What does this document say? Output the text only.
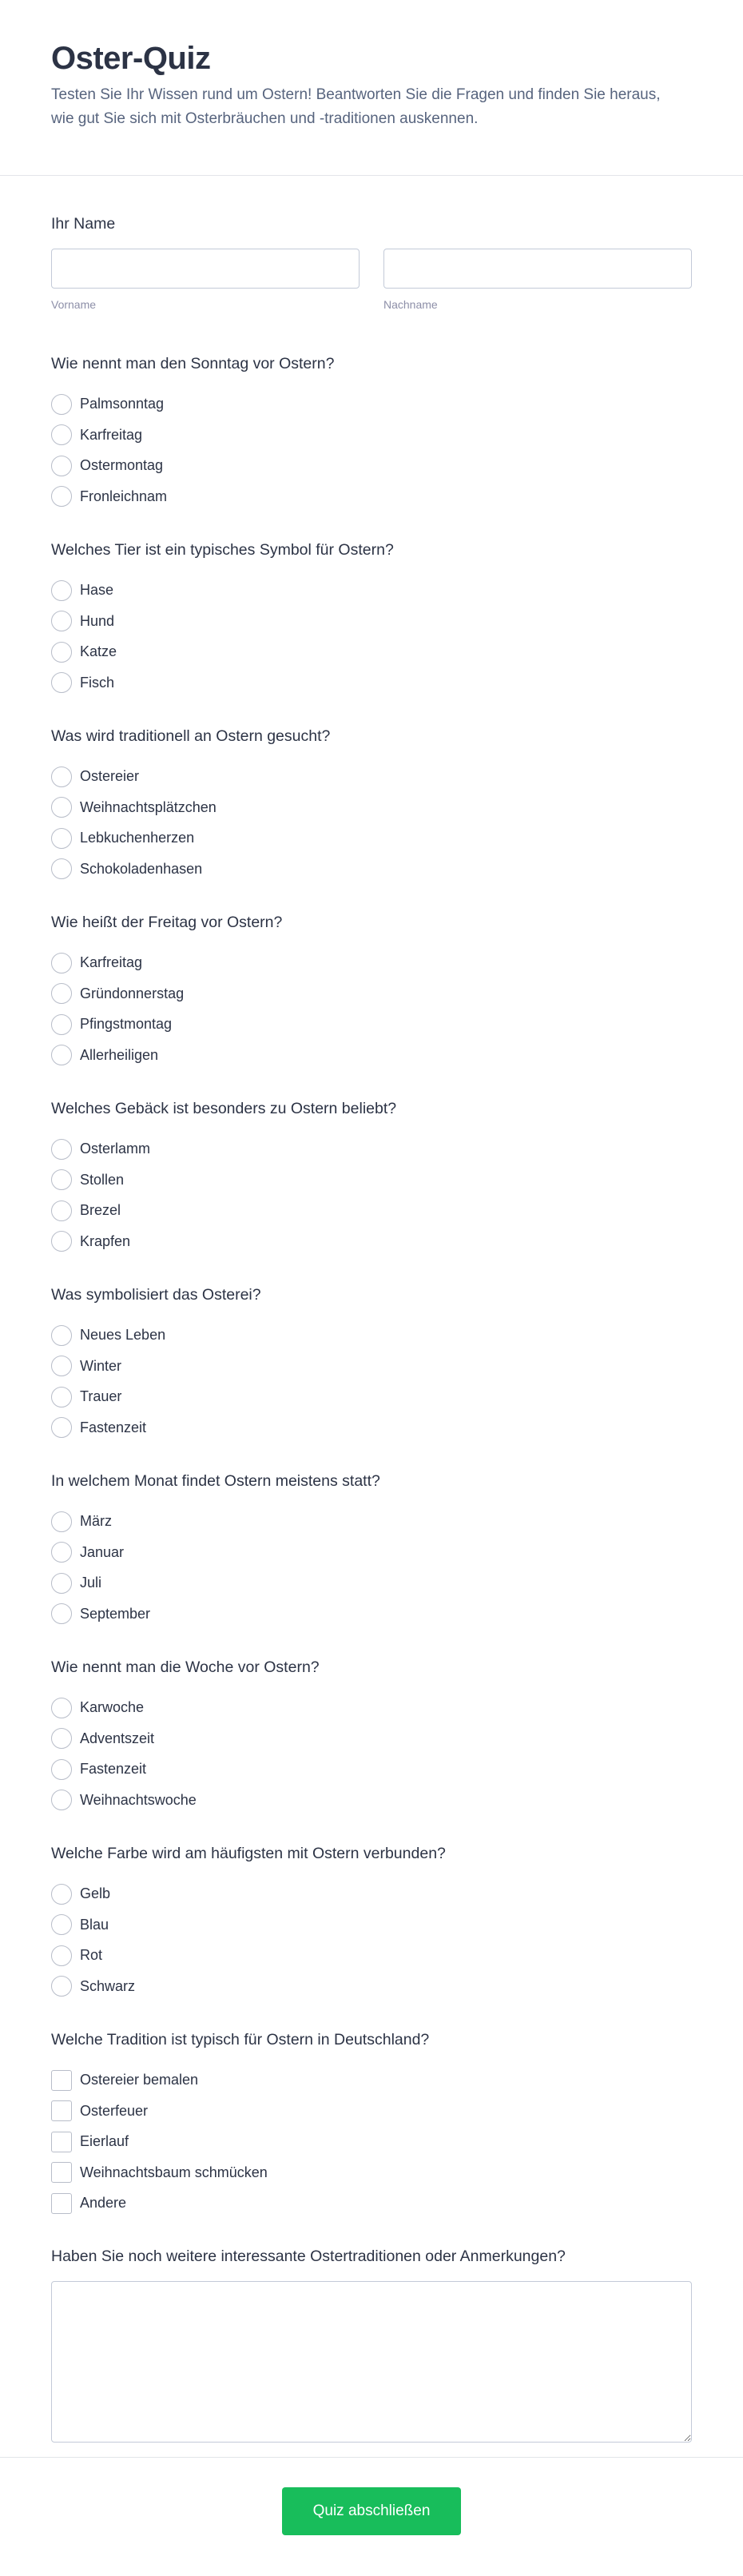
Oster-Quiz

Testen Sie Ihr Wissen rund um Ostern! Beantworten Sie die Fragen und finden Sie heraus, wie gut Sie sich mit Osterbräuchen und -traditionen auskennen.

Ihr Name
Vorname	Nachname
Wie nennt man den Sonntag vor Ostern?
Palmsonntag
Karfreitag
Ostermontag
Fronleichnam
Welches Tier ist ein typisches Symbol für Ostern?
Hase
Hund
Katze
Fisch
Was wird traditionell an Ostern gesucht?
Ostereier
Weihnachtsplätzchen
Lebkuchenherzen
Schokoladenhasen
Wie heißt der Freitag vor Ostern?
Karfreitag
Gründonnerstag
Pfingstmontag
Allerheiligen
Welches Gebäck ist besonders zu Ostern beliebt?
Osterlamm
Stollen
Brezel
Krapfen
Was symbolisiert das Osterei?
Neues Leben
Winter
Trauer
Fastenzeit
In welchem Monat findet Ostern meistens statt?
März
Januar
Juli
September
Wie nennt man die Woche vor Ostern?
Karwoche
Adventszeit
Fastenzeit
Weihnachtswoche
Welche Farbe wird am häufigsten mit Ostern verbunden?
Gelb
Blau
Rot
Schwarz
Welche Tradition ist typisch für Ostern in Deutschland?
Ostereier bemalen
Osterfeuer
Eierlauf
Weihnachtsbaum schmücken
Andere
Haben Sie noch weitere interessante Ostertraditionen oder Anmerkungen?
Quiz abschließen
